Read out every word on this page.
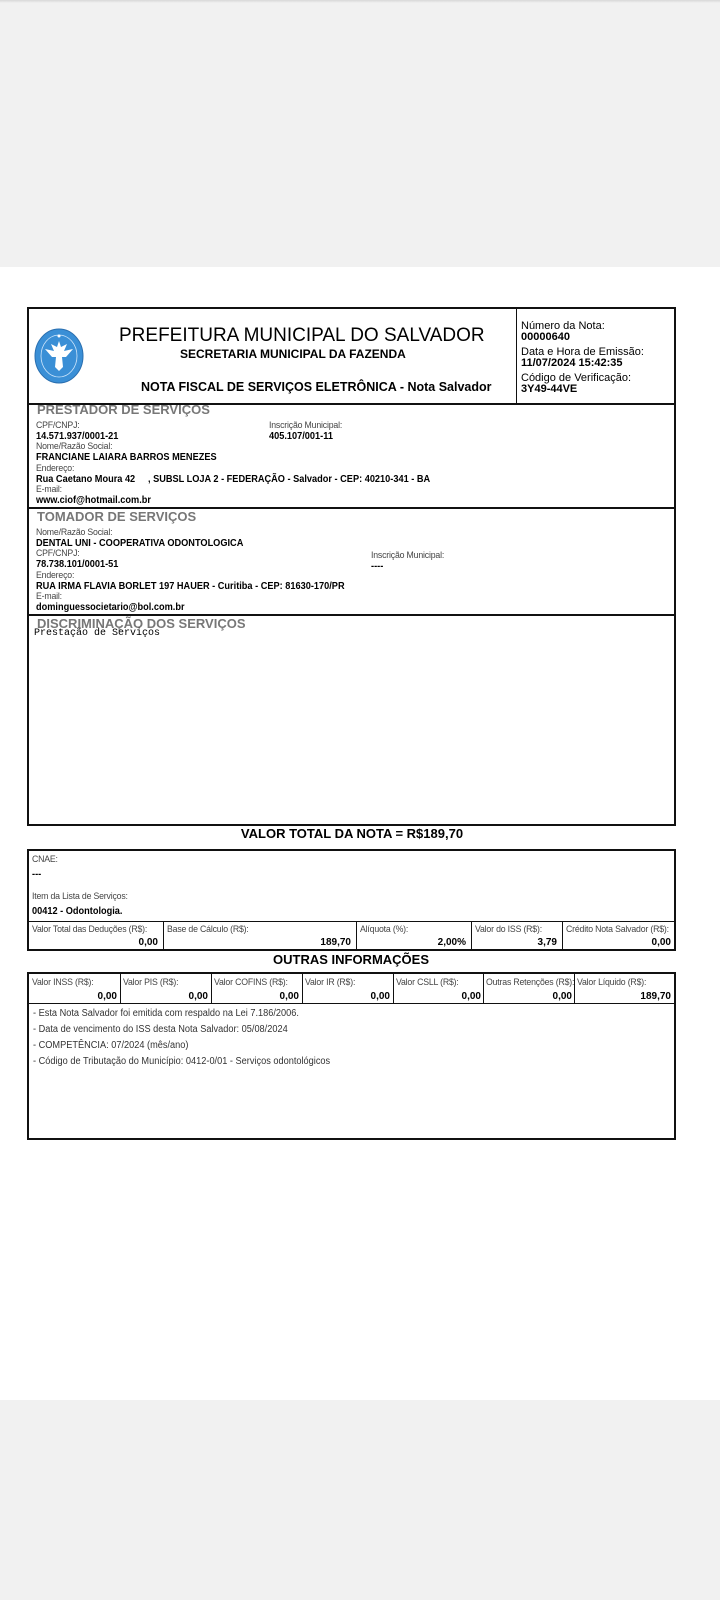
PREFEITURA MUNICIPAL DO SALVADOR
SECRETARIA MUNICIPAL DA FAZENDA
NOTA FISCAL DE SERVIÇOS ELETRÔNICA - Nota Salvador
Número da Nota:
00000640
Data e Hora de Emissão:
11/07/2024 15:42:35
Código de Verificação:
3Y49-44VE
PRESTADOR DE SERVIÇOS
CPF/CNPJ:
14.571.937/0001-21
Inscrição Municipal:
405.107/001-11
Nome/Razão Social:
FRANCIANE LAIARA BARROS MENEZES
Endereço:
Rua Caetano Moura 42     , SUBSL LOJA 2 - FEDERAÇÃO - Salvador - CEP: 40210-341 - BA
E-mail:
www.ciof@hotmail.com.br
TOMADOR DE SERVIÇOS
Nome/Razão Social:
DENTAL UNI - COOPERATIVA ODONTOLOGICA
CPF/CNPJ:
78.738.101/0001-51
Inscrição Municipal:
----
Endereço:
RUA IRMA FLAVIA BORLET 197 HAUER - Curitiba - CEP: 81630-170/PR
E-mail:
dominguessocietario@bol.com.br
DISCRIMINAÇÃO DOS SERVIÇOS
Prestação de Serviços
VALOR TOTAL DA NOTA = R$189,70
CNAE:
---
Item da Lista de Serviços:
00412 - Odontologia.
Valor Total das Deduções (R$):
0,00
Base de Cálculo (R$):
189,70
Alíquota (%):
2,00%
Valor do ISS (R$):
3,79
Crédito Nota Salvador (R$):
0,00
OUTRAS INFORMAÇÕES
Valor INSS (R$):
0,00
Valor PIS (R$):
0,00
Valor COFINS (R$):
0,00
Valor IR (R$):
0,00
Valor CSLL (R$):
0,00
Outras Retenções (R$):
0,00
Valor Líquido (R$):
189,70
- Esta Nota Salvador foi emitida com respaldo na Lei 7.186/2006.
- Data de vencimento do ISS desta Nota Salvador: 05/08/2024
- COMPETÊNCIA: 07/2024 (mês/ano)
- Código de Tributação do Município: 0412-0/01 - Serviços odontológicos
